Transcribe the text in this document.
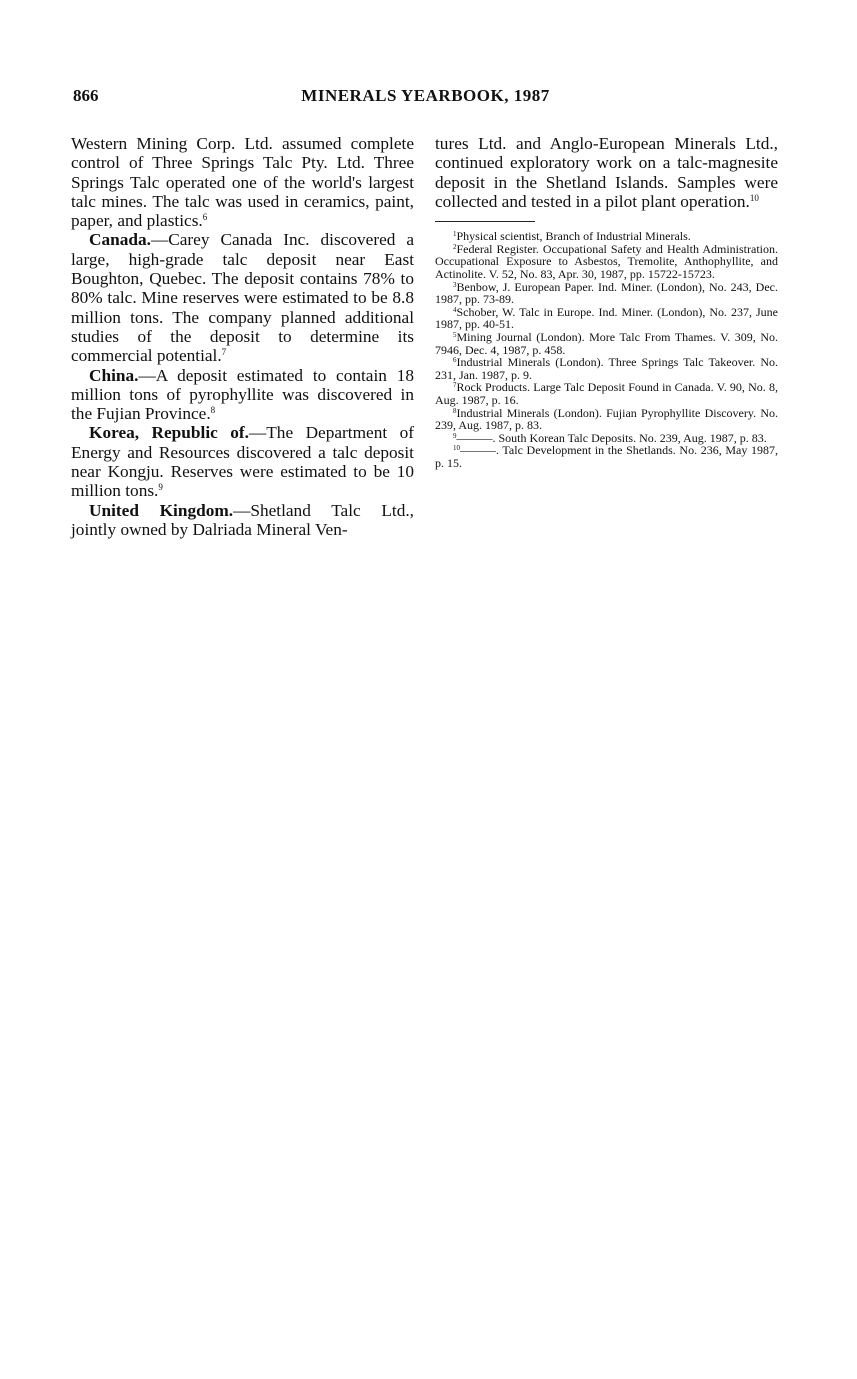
866	MINERALS YEARBOOK, 1987

Western Mining Corp. Ltd. assumed complete control of Three Springs Talc Pty. Ltd. Three Springs Talc operated one of the world's largest talc mines. The talc was used in ceramics, paint, paper, and plastics.$^6$

Canada.—Carey Canada Inc. discovered a large, high-grade talc deposit near East Boughton, Quebec. The deposit contains 78% to 80% talc. Mine reserves were estimated to be 8.8 million tons. The company planned additional studies of the deposit to determine its commercial potential.$^7$

China.—A deposit estimated to contain 18 million tons of pyrophyllite was discovered in the Fujian Province.$^8$

Korea, Republic of.—The Department of Energy and Resources discovered a talc deposit near Kongju. Reserves were estimated to be 10 million tons.$^9$

United Kingdom.—Shetland Talc Ltd., jointly owned by Dalriada Mineral Ven-

tures Ltd. and Anglo-European Minerals Ltd., continued exploratory work on a talc-magnesite deposit in the Shetland Islands. Samples were collected and tested in a pilot plant operation.$^{10}$

$^1$Physical scientist, Branch of Industrial Minerals.

$^2$Federal Register. Occupational Safety and Health Administration. Occupational Exposure to Asbestos, Tremolite, Anthophyllite, and Actinolite. V. 52, No. 83, Apr. 30, 1987, pp. 15722-15723.

$^3$Benbow, J. European Paper. Ind. Miner. (London), No. 243, Dec. 1987, pp. 73-89.

$^4$Schober, W. Talc in Europe. Ind. Miner. (London), No. 237, June 1987, pp. 40-51.

$^5$Mining Journal (London). More Talc From Thames. V. 309, No. 7946, Dec. 4, 1987, p. 458.

$^6$Industrial Minerals (London). Three Springs Talc Takeover. No. 231, Jan. 1987, p. 9.

$^7$Rock Products. Large Talc Deposit Found in Canada. V. 90, No. 8, Aug. 1987, p. 16.

$^8$Industrial Minerals (London). Fujian Pyrophyllite Discovery. No. 239, Aug. 1987, p. 83.

$^9$———. South Korean Talc Deposits. No. 239, Aug. 1987, p. 83.

$^{10}$———. Talc Development in the Shetlands. No. 236, May 1987, p. 15.
